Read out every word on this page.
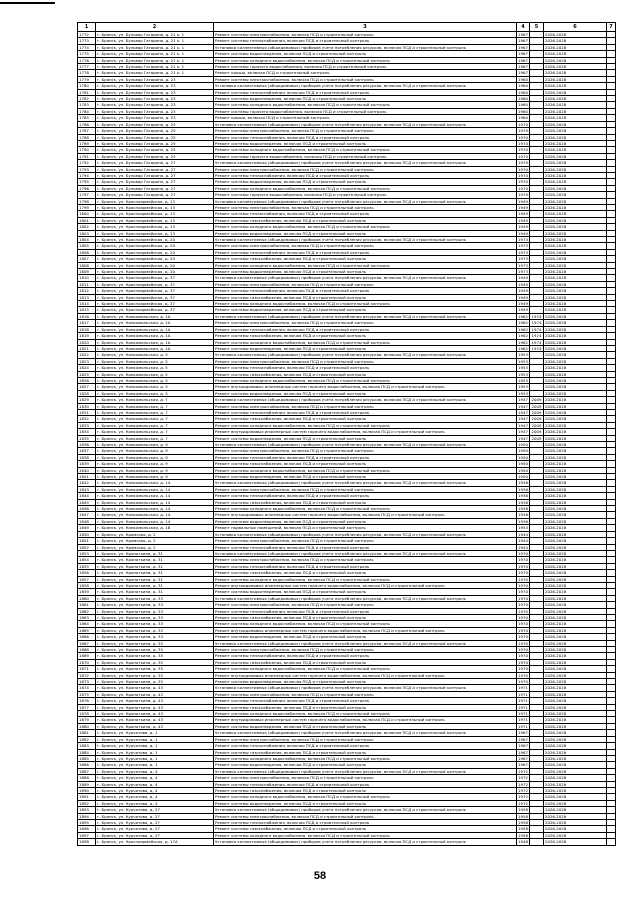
1	2	3	4	5	6	7
1772	г. Брянск, ул. Бульвар Гагарина, д. 21 к. 1	Ремонт системы электроснабжения, включая ПСД и строительный контроль	1967		2026-2028	
1773	г. Брянск, ул. Бульвар Гагарина, д. 21 к. 1	Ремонт системы теплоснабжения, включая ПСД и строительный контроль	1967		2026-2028	
1774	г. Брянск, ул. Бульвар Гагарина, д. 21 к. 1	Установка коллективных (общедомовых) приборов учета потребления ресурсов, включая ПСД и строительный контроль	1967		2026-2028	
1775	г. Брянск, ул. Бульвар Гагарина, д. 21 к. 1	Ремонт системы водоотведения, включая ПСД и строительный контроль	1967		2026-2028	
1776	г. Брянск, ул. Бульвар Гагарина, д. 21 к. 1	Ремонт системы холодного водоснабжения, включая ПСД и строительный контроль	1967		2026-2028	
1777	г. Брянск, ул. Бульвар Гагарина, д. 21 к. 1	Ремонт системы горячего водоснабжения, включая ПСД и строительный контроль	1967		2026-2028	
1778	г. Брянск, ул. Бульвар Гагарина, д. 21 к. 1	Ремонт крыши, включая ПСД и строительный контроль	1967		2026-2028	
1779	г. Брянск, ул. Бульвар Гагарина, д. 23	Ремонт системы электроснабжения, включая ПСД и строительный контроль	1960		2026-2028	
1780	г. Брянск, ул. Бульвар Гагарина, д. 23	Установка коллективных (общедомовых) приборов учета потребления ресурсов, включая ПСД и строительный контроль	1960		2026-2028	
1781	г. Брянск, ул. Бульвар Гагарина, д. 23	Ремонт системы теплоснабжения, включая ПСД и строительный контроль	1960		2026-2028	
1782	г. Брянск, ул. Бульвар Гагарина, д. 23	Ремонт системы водоотведения, включая ПСД и строительный контроль	1960		2026-2028	
1783	г. Брянск, ул. Бульвар Гагарина, д. 23	Ремонт системы холодного водоснабжения, включая ПСД и строительный контроль	1960		2026-2028	
1784	г. Брянск, ул. Бульвар Гагарина, д. 23	Ремонт системы горячего водоснабжения, включая ПСД и строительный контроль	1960		2026-2028	
1785	г. Брянск, ул. Бульвар Гагарина, д. 23	Ремонт крыши, включая ПСД и строительный контроль	1960		2026-2028	
1786	г. Брянск, ул. Бульвар Гагарина, д. 25	Установка коллективных (общедомовых) приборов учета потребления ресурсов, включая ПСД и строительный контроль	1970		2026-2028	
1787	г. Брянск, ул. Бульвар Гагарина, д. 25	Ремонт системы электроснабжения, включая ПСД и строительный контроль	1970		2026-2028	
1788	г. Брянск, ул. Бульвар Гагарина, д. 25	Ремонт системы теплоснабжения, включая ПСД и строительный контроль	1970		2026-2028	
1789	г. Брянск, ул. Бульвар Гагарина, д. 25	Ремонт системы водоотведения, включая ПСД и строительный контроль	1970		2026-2028	
1790	г. Брянск, ул. Бульвар Гагарина, д. 25	Ремонт системы холодного водоснабжения, включая ПСД и строительный контроль	1970		2026-2028	
1791	г. Брянск, ул. Бульвар Гагарина, д. 25	Ремонт системы горячего водоснабжения, включая ПСД и строительный контроль	1970		2026-2028	
1792	г. Брянск, ул. Бульвар Гагарина, д. 27	Установка коллективных (общедомовых) приборов учета потребления ресурсов, включая ПСД и строительный контроль	1970		2026-2028	
1793	г. Брянск, ул. Бульвар Гагарина, д. 27	Ремонт системы электроснабжения, включая ПСД и строительный контроль	1970		2026-2028	
1794	г. Брянск, ул. Бульвар Гагарина, д. 27	Ремонт системы теплоснабжения, включая ПСД и строительный контроль	1970		2026-2028	
1795	г. Брянск, ул. Бульвар Гагарина, д. 27	Ремонт системы водоотведения, включая ПСД и строительный контроль	1970		2026-2028	
1796	г. Брянск, ул. Бульвар Гагарина, д. 27	Ремонт системы холодного водоснабжения, включая ПСД и строительный контроль	1970		2026-2028	
1797	г. Брянск, ул. Бульвар Гагарина, д. 27	Ремонт системы горячего водоснабжения, включая ПСД и строительный контроль	1970		2026-2028	
1798	г. Брянск, ул. Красноармейская, д. 13	Установка коллективных (общедомовых) приборов учета потребления ресурсов, включая ПСД и строительный контроль	1949		2026-2028	
1799	г. Брянск, ул. Красноармейская, д. 13	Ремонт системы электроснабжения, включая ПСД и строительный контроль	1949		2026-2028	
1800	г. Брянск, ул. Красноармейская, д. 13	Ремонт системы теплоснабжения, включая ПСД и строительный контроль	1949		2026-2028	
1801	г. Брянск, ул. Красноармейская, д. 13	Ремонт системы газоснабжения, включая ПСД и строительный контроль	1949		2026-2028	
1802	г. Брянск, ул. Красноармейская, д. 13	Ремонт системы холодного водоснабжения, включая ПСД и строительный контроль	1949		2026-2028	
1803	г. Брянск, ул. Красноармейская, д. 13	Ремонт системы водоотведения, включая ПСД и строительный контроль	1949		2026-2028	
1804	г. Брянск, ул. Красноармейская, д. 20	Установка коллективных (общедомовых) приборов учета потребления ресурсов, включая ПСД и строительный контроль	1973		2026-2028	
1805	г. Брянск, ул. Красноармейская, д. 20	Ремонт системы электроснабжения, включая ПСД и строительный контроль	1973		2026-2028	
1806	г. Брянск, ул. Красноармейская, д. 20	Ремонт системы теплоснабжения, включая ПСД и строительный контроль	1973		2026-2028	
1807	г. Брянск, ул. Красноармейская, д. 20	Ремонт системы газоснабжения, включая ПСД и строительный контроль	1973		2026-2028	
1808	г. Брянск, ул. Красноармейская, д. 20	Ремонт системы холодного водоснабжения, включая ПСД и строительный контроль	1973		2026-2028	
1809	г. Брянск, ул. Красноармейская, д. 20	Ремонт системы водоотведения, включая ПСД и строительный контроль	1973		2026-2028	
1810	г. Брянск, ул. Красноармейская, д. 37	Установка коллективных (общедомовых) приборов учета потребления ресурсов, включая ПСД и строительный контроль	1949		2026-2028	
1811	г. Брянск, ул. Красноармейская, д. 37	Ремонт системы электроснабжения, включая ПСД и строительный контроль	1949		2026-2028	
1812	г. Брянск, ул. Красноармейская, д. 37	Ремонт системы теплоснабжения, включая ПСД и строительный контроль	1949		2026-2028	
1813	г. Брянск, ул. Красноармейская, д. 37	Ремонт системы газоснабжения, включая ПСД и строительный контроль	1949		2026-2028	
1814	г. Брянск, ул. Красноармейская, д. 37	Ремонт системы холодного водоснабжения, включая ПСД и строительный контроль	1949		2026-2028	
1815	г. Брянск, ул. Красноармейская, д. 37	Ремонт системы водоотведения, включая ПСД и строительный контроль	1949		2026-2028	
1816	г. Брянск, ул. Комсомольская, д. 1А	Установка коллективных (общедомовых) приборов учета потребления ресурсов, включая ПСД и строительный контроль	1962	1974	2026-2028	
1817	г. Брянск, ул. Комсомольская, д. 1А	Ремонт системы электроснабжения, включая ПСД и строительный контроль	1962	1974	2026-2028	
1818	г. Брянск, ул. Комсомольская, д. 1А	Ремонт системы теплоснабжения, включая ПСД и строительный контроль	1962	1974	2026-2028	
1819	г. Брянск, ул. Комсомольская, д. 1А	Ремонт системы газоснабжения, включая ПСД и строительный контроль	1962	1974	2026-2028	
1820	г. Брянск, ул. Комсомольская, д. 1А	Ремонт системы холодного водоснабжения, включая ПСД и строительный контроль	1962	1974	2026-2028	
1821	г. Брянск, ул. Комсомольская, д. 1А	Ремонт системы водоотведения, включая ПСД и строительный контроль	1962	1974	2026-2028	
1822	г. Брянск, ул. Комсомольская, д. 5	Установка коллективных (общедомовых) приборов учета потребления ресурсов, включая ПСД и строительный контроль	1953		2026-2028	
1823	г. Брянск, ул. Комсомольская, д. 5	Ремонт системы электроснабжения, включая ПСД и строительный контроль	1953		2026-2028	
1824	г. Брянск, ул. Комсомольская, д. 5	Ремонт системы теплоснабжения, включая ПСД и строительный контроль	1953		2026-2028	
1825	г. Брянск, ул. Комсомольская, д. 5	Ремонт системы газоснабжения, включая ПСД и строительный контроль	1953		2026-2028	
1826	г. Брянск, ул. Комсомольская, д. 5	Ремонт системы холодного водоснабжения, включая ПСД и строительный контроль	1953		2026-2028	
1827	г. Брянск, ул. Комсомольская, д. 5	Ремонт внутридомовых инженерных систем горячего водоснабжения, включая ПСД и строительный контроль	1953		2026-2028	
1828	г. Брянск, ул. Комсомольская, д. 5	Ремонт системы водоотведения, включая ПСД и строительный контроль	1953		2026-2028	
1829	г. Брянск, ул. Комсомольская, д. 7	Установка коллективных (общедомовых) приборов учета потребления ресурсов, включая ПСД и строительный контроль	1947	2009	2026-2028	
1830	г. Брянск, ул. Комсомольская, д. 7	Ремонт системы электроснабжения, включая ПСД и строительный контроль	1947	2009	2026-2028	
1831	г. Брянск, ул. Комсомольская, д. 7	Ремонт системы теплоснабжения, включая ПСД и строительный контроль	1947	2009	2026-2028	
1832	г. Брянск, ул. Комсомольская, д. 7	Ремонт системы газоснабжения, включая ПСД и строительный контроль	1947	2009	2026-2028	
1833	г. Брянск, ул. Комсомольская, д. 7	Ремонт системы холодного водоснабжения, включая ПСД и строительный контроль	1947	2009	2026-2028	
1834	г. Брянск, ул. Комсомольская, д. 7	Ремонт внутридомовых инженерных систем горячего водоснабжения, включая ПСД и строительный контроль	1947	2009	2026-2028	
1835	г. Брянск, ул. Комсомольская, д. 7	Ремонт системы водоотведения, включая ПСД и строительный контроль	1947	2009	2026-2028	
1836	г. Брянск, ул. Комсомольская, д. 9	Установка коллективных (общедомовых) приборов учета потребления ресурсов, включая ПСД и строительный контроль	1950		2026-2028	
1837	г. Брянск, ул. Комсомольская, д. 9	Ремонт системы электроснабжения, включая ПСД и строительный контроль	1950		2026-2028	
1838	г. Брянск, ул. Комсомольская, д. 9	Ремонт системы теплоснабжения, включая ПСД и строительный контроль	1950		2026-2028	
1839	г. Брянск, ул. Комсомольская, д. 9	Ремонт системы газоснабжения, включая ПСД и строительный контроль	1950		2026-2028	
1840	г. Брянск, ул. Комсомольская, д. 9	Ремонт системы холодного водоснабжения, включая ПСД и строительный контроль	1950		2026-2028	
1841	г. Брянск, ул. Комсомольская, д. 9	Ремонт системы водоотведения, включая ПСД и строительный контроль	1950		2026-2028	
1842	г. Брянск, ул. Комсомольская, д. 14	Установка коллективных (общедомовых) приборов учета потребления ресурсов, включая ПСД и строительный контроль	1936		2026-2028	
1843	г. Брянск, ул. Комсомольская, д. 14	Ремонт системы электроснабжения, включая ПСД и строительный контроль	1936		2026-2028	
1844	г. Брянск, ул. Комсомольская, д. 14	Ремонт системы теплоснабжения, включая ПСД и строительный контроль	1936		2026-2028	
1845	г. Брянск, ул. Комсомольская, д. 14	Ремонт системы газоснабжения, включая ПСД и строительный контроль	1936		2026-2028	
1846	г. Брянск, ул. Комсомольская, д. 14	Ремонт системы холодного водоснабжения, включая ПСД и строительный контроль	1936		2026-2028	
1847	г. Брянск, ул. Комсомольская, д. 14	Ремонт внутридомовых инженерных систем горячего водоснабжения, включая ПСД и строительный контроль	1936		2026-2028	
1848	г. Брянск, ул. Комсомольская, д. 14	Ремонт системы водоотведения, включая ПСД и строительный контроль	1936		2026-2028	
1849	г. Брянск, ул. Комсомольская, д. 18	Ремонт подвальных помещений, включая ПСД и строительный контроль	1953		2026-2028	
1850	г. Брянск, ул. Кромская, д. 2	Установка коллективных (общедомовых) приборов учета потребления ресурсов, включая ПСД и строительный контроль	1944		2026-2028	
1851	г. Брянск, ул. Кромская, д. 2	Ремонт системы электроснабжения, включая ПСД и строительный контроль	1944		2026-2028	
1852	г. Брянск, ул. Кромская, д. 2	Ремонт системы теплоснабжения, включая ПСД и строительный контроль	1944		2026-2028	
1853	г. Брянск, ул. Кропоткина, д. 31	Установка коллективных (общедомовых) приборов учета потребления ресурсов, включая ПСД и строительный контроль	1970		2026-2028	
1854	г. Брянск, ул. Кропоткина, д. 31	Ремонт системы электроснабжения, включая ПСД и строительный контроль	1970		2026-2028	
1855	г. Брянск, ул. Кропоткина, д. 31	Ремонт системы теплоснабжения, включая ПСД и строительный контроль	1970		2026-2028	
1856	г. Брянск, ул. Кропоткина, д. 31	Ремонт системы газоснабжения, включая ПСД и строительный контроль	1970		2026-2028	
1857	г. Брянск, ул. Кропоткина, д. 31	Ремонт системы холодного водоснабжения, включая ПСД и строительный контроль	1970		2026-2028	
1858	г. Брянск, ул. Кропоткина, д. 31	Ремонт внутридомовых инженерных систем горячего водоснабжения, включая ПСД и строительный контроль	1970		2026-2028	
1859	г. Брянск, ул. Кропоткина, д. 31	Ремонт системы водоотведения, включая ПСД и строительный контроль	1970		2026-2028	
1860	г. Брянск, ул. Кропоткина, д. 33	Установка коллективных (общедомовых) приборов учета потребления ресурсов, включая ПСД и строительный контроль	1970		2026-2028	
1861	г. Брянск, ул. Кропоткина, д. 33	Ремонт системы электроснабжения, включая ПСД и строительный контроль	1970		2026-2028	
1862	г. Брянск, ул. Кропоткина, д. 33	Ремонт системы теплоснабжения, включая ПСД и строительный контроль	1970		2026-2028	
1863	г. Брянск, ул. Кропоткина, д. 33	Ремонт системы газоснабжения, включая ПСД и строительный контроль	1970		2026-2028	
1864	г. Брянск, ул. Кропоткина, д. 33	Ремонт системы холодного водоснабжения, включая ПСД и строительный контроль	1970		2026-2028	
1865	г. Брянск, ул. Кропоткина, д. 33	Ремонт внутридомовых инженерных систем горячего водоснабжения, включая ПСД и строительный контроль	1970		2026-2028	
1866	г. Брянск, ул. Кропоткина, д. 33	Ремонт системы водоотведения, включая ПСД и строительный контроль	1970		2026-2028	
1867	г. Брянск, ул. Кропоткина, д. 35	Установка коллективных (общедомовых) приборов учета потребления ресурсов, включая ПСД и строительный контроль	1970		2026-2028	
1868	г. Брянск, ул. Кропоткина, д. 35	Ремонт системы электроснабжения, включая ПСД и строительный контроль	1970		2026-2028	
1869	г. Брянск, ул. Кропоткина, д. 35	Ремонт системы теплоснабжения, включая ПСД и строительный контроль	1970		2026-2028	
1870	г. Брянск, ул. Кропоткина, д. 35	Ремонт системы газоснабжения, включая ПСД и строительный контроль	1970		2026-2028	
1871	г. Брянск, ул. Кропоткина, д. 35	Ремонт системы холодного водоснабжения, включая ПСД и строительный контроль	1970		2026-2028	
1872	г. Брянск, ул. Кропоткина, д. 35	Ремонт внутридомовых инженерных систем горячего водоснабжения, включая ПСД и строительный контроль	1970		2026-2028	
1873	г. Брянск, ул. Кропоткина, д. 35	Ремонт системы водоотведения, включая ПСД и строительный контроль	1970		2026-2028	
1874	г. Брянск, ул. Кропоткина, д. 43	Установка коллективных (общедомовых) приборов учета потребления ресурсов, включая ПСД и строительный контроль	1971		2026-2028	
1875	г. Брянск, ул. Кропоткина, д. 43	Ремонт системы электроснабжения, включая ПСД и строительный контроль	1971		2026-2028	
1876	г. Брянск, ул. Кропоткина, д. 43	Ремонт системы теплоснабжения, включая ПСД и строительный контроль	1971		2026-2028	
1877	г. Брянск, ул. Кропоткина, д. 43	Ремонт системы газоснабжения, включая ПСД и строительный контроль	1971		2026-2028	
1878	г. Брянск, ул. Кропоткина, д. 43	Ремонт системы холодного водоснабжения, включая ПСД и строительный контроль	1971		2026-2028	
1879	г. Брянск, ул. Кропоткина, д. 43	Ремонт внутридомовых инженерных систем горячего водоснабжения, включая ПСД и строительный контроль	1971		2026-2028	
1880	г. Брянск, ул. Кропоткина, д. 43	Ремонт системы водоотведения, включая ПСД и строительный контроль	1971		2026-2028	
1881	г. Брянск, ул. Курчатова, д. 1	Установка коллективных (общедомовых) приборов учета потребления ресурсов, включая ПСД и строительный контроль	1967		2026-2028	
1882	г. Брянск, ул. Курчатова, д. 1	Ремонт системы электроснабжения, включая ПСД и строительный контроль	1967		2026-2028	
1883	г. Брянск, ул. Курчатова, д. 1	Ремонт системы теплоснабжения, включая ПСД и строительный контроль	1967		2026-2028	
1884	г. Брянск, ул. Курчатова, д. 1	Ремонт системы газоснабжения, включая ПСД и строительный контроль	1967		2026-2028	
1885	г. Брянск, ул. Курчатова, д. 1	Ремонт системы холодного водоснабжения, включая ПСД и строительный контроль	1967		2026-2028	
1886	г. Брянск, ул. Курчатова, д. 1	Ремонт системы водоотведения, включая ПСД и строительный контроль	1967		2026-2028	
1887	г. Брянск, ул. Курчатова, д. 4	Установка коллективных (общедомовых) приборов учета потребления ресурсов, включая ПСД и строительный контроль	1972		2026-2028	
1888	г. Брянск, ул. Курчатова, д. 4	Ремонт системы электроснабжения, включая ПСД и строительный контроль	1972		2026-2028	
1889	г. Брянск, ул. Курчатова, д. 4	Ремонт системы теплоснабжения, включая ПСД и строительный контроль	1972		2026-2028	
1890	г. Брянск, ул. Курчатова, д. 4	Ремонт системы газоснабжения, включая ПСД и строительный контроль	1972		2026-2028	
1891	г. Брянск, ул. Курчатова, д. 4	Ремонт системы холодного водоснабжения, включая ПСД и строительный контроль	1972		2026-2028	
1892	г. Брянск, ул. Курчатова, д. 4	Ремонт системы водоотведения, включая ПСД и строительный контроль	1972		2026-2028	
1893	г. Брянск, ул. Курчатова, д. 27	Установка коллективных (общедомовых) приборов учета потребления ресурсов, включая ПСД и строительный контроль	1958		2026-2028	
1894	г. Брянск, ул. Курчатова, д. 27	Ремонт системы электроснабжения, включая ПСД и строительный контроль	1958		2026-2028	
1895	г. Брянск, ул. Курчатова, д. 27	Ремонт системы теплоснабжения, включая ПСД и строительный контроль	1958		2026-2028	
1896	г. Брянск, ул. Курчатова, д. 27	Ремонт системы газоснабжения, включая ПСД и строительный контроль	1958		2026-2028	
1897	г. Брянск, ул. Курчатова, д. 27	Ремонт системы холодного водоснабжения, включая ПСД и строительный контроль	1958		2026-2028	
1898	г. Брянск, ул. Красноармейская, д. 17А	Установка коллективных (общедомовых) приборов учета потребления ресурсов, включая ПСД и строительный контроль	1948		2026-2028	
58
